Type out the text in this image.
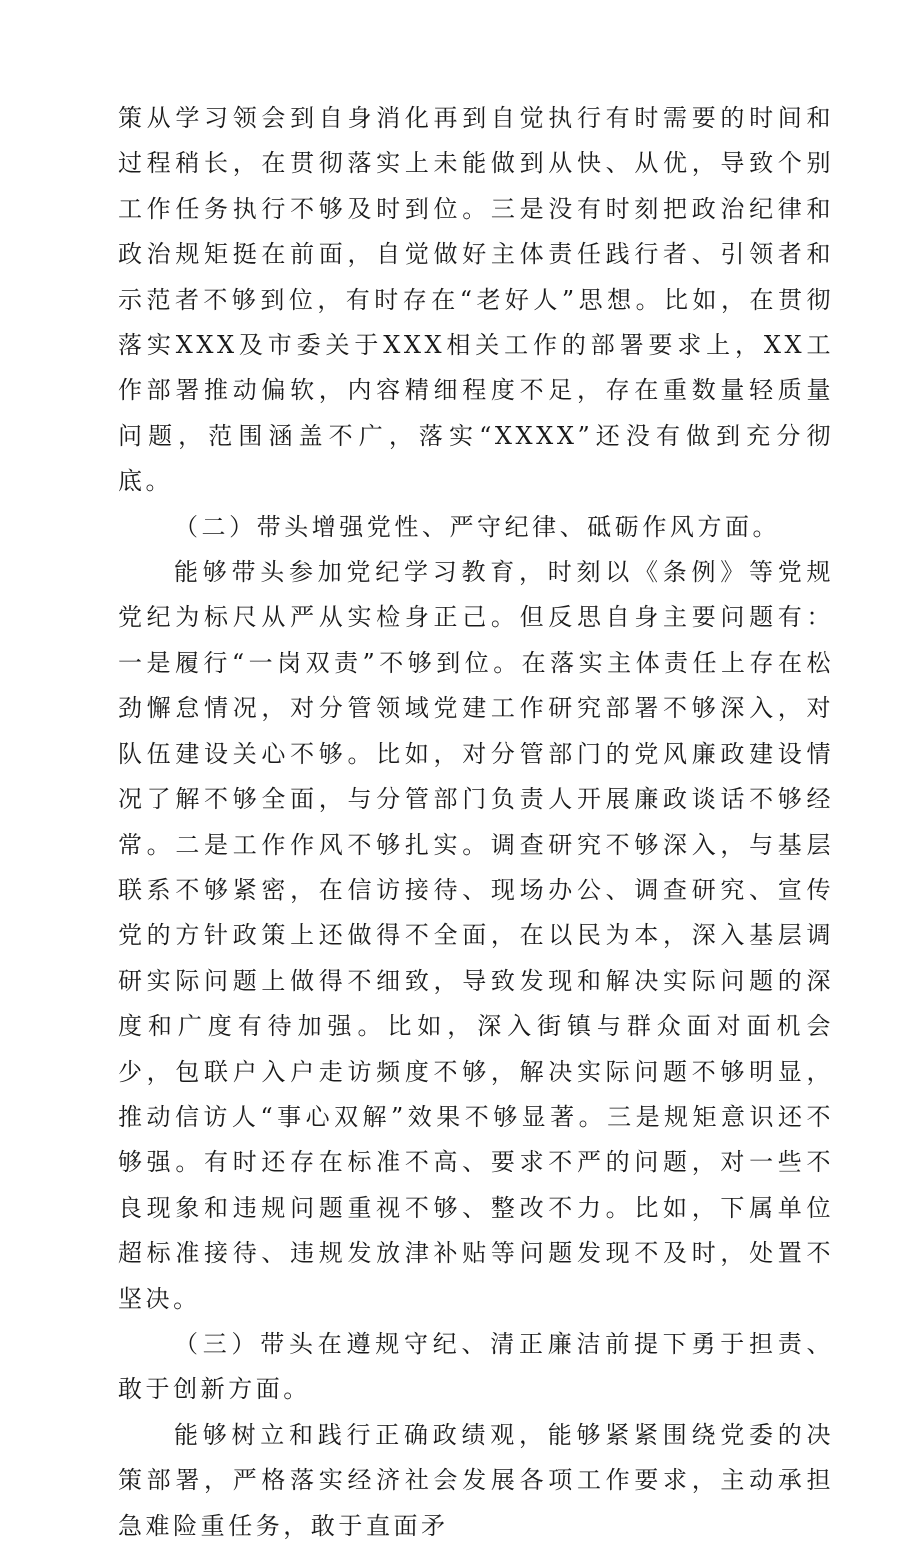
策从学习领会到自身消化再到自觉执行有时需要的时间和过程稍长，在贯彻落实上未能做到从快、从优，导致个别工作任务执行不够及时到位。三是没有时刻把政治纪律和政治规矩挺在前面，自觉做好主体责任践行者、引领者和示范者不够到位，有时存在“老好人”思想。比如，在贯彻落实XXX及市委关于XXX相关工作的部署要求上，XX工作部署推动偏软，内容精细程度不足，存在重数量轻质量问题，范围涵盖不广，落实“XXXX”还没有做到充分彻底。

（二）带头增强党性、严守纪律、砥砺作风方面。

能够带头参加党纪学习教育，时刻以《条例》等党规党纪为标尺从严从实检身正己。但反思自身主要问题有：一是履行“一岗双责”不够到位。在落实主体责任上存在松劲懈怠情况，对分管领域党建工作研究部署不够深入，对队伍建设关心不够。比如，对分管部门的党风廉政建设情况了解不够全面，与分管部门负责人开展廉政谈话不够经常。二是工作作风不够扎实。调查研究不够深入，与基层联系不够紧密，在信访接待、现场办公、调查研究、宣传党的方针政策上还做得不全面，在以民为本，深入基层调研实际问题上做得不细致，导致发现和解决实际问题的深度和广度有待加强。比如，深入街镇与群众面对面机会少，包联户入户走访频度不够，解决实际问题不够明显，推动信访人“事心双解”效果不够显著。三是规矩意识还不够强。有时还存在标准不高、要求不严的问题，对一些不良现象和违规问题重视不够、整改不力。比如，下属单位超标准接待、违规发放津补贴等问题发现不及时，处置不坚决。

（三）带头在遵规守纪、清正廉洁前提下勇于担责、敢于创新方面。

能够树立和践行正确政绩观，能够紧紧围绕党委的决策部署，严格落实经济社会发展各项工作要求，主动承担急难险重任务，敢于直面矛
